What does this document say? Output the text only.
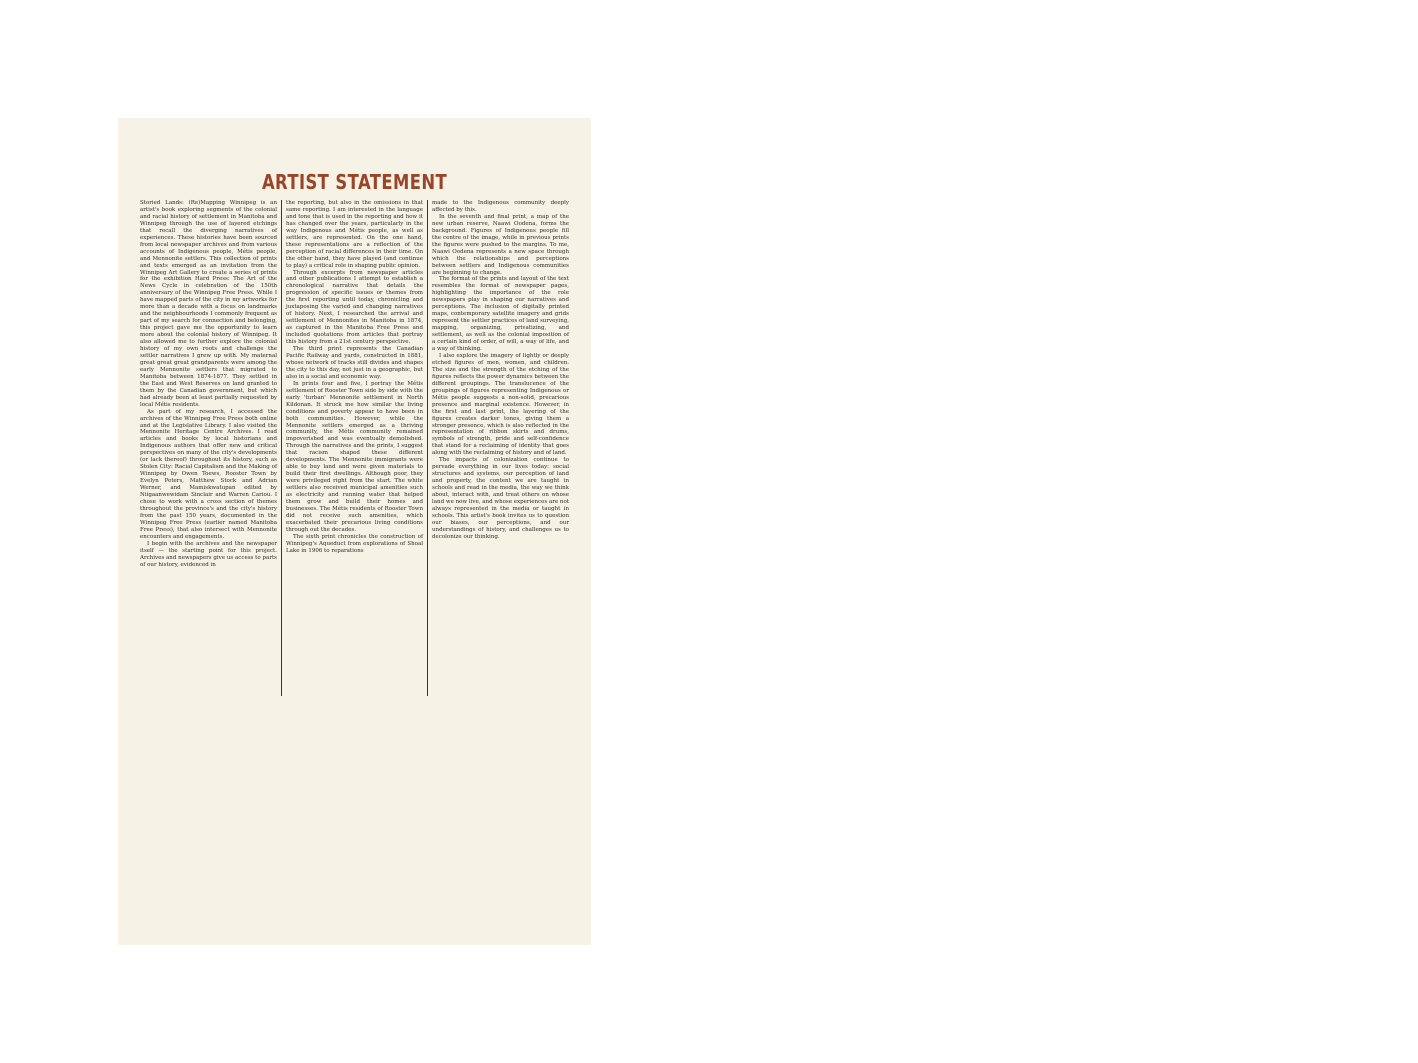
ARTIST STATEMENT

Storied Lands: (Re)Mapping Winnipeg is an artist's book exploring segments of the colonial and racial history of settlement in Manitoba and Winnipeg through the use of layered etchings that recall the diverging narratives of experiences. These histories have been sourced from local newspaper archives and from various accounts of Indigenous people, Métis people, and Mennonite settlers. This collection of prints and texts emerged as an invitation from the Winnipeg Art Gallery to create a series of prints for the exhibition Hard Press: The Art of the News Cycle in celebration of the 150th anniversary of the Winnipeg Free Press. While I have mapped parts of the city in my artworks for more than a decade with a focus on landmarks and the neighbourhoods I commonly frequent as part of my search for connection and belonging, this project gave me the opportunity to learn more about the colonial history of Winnipeg. It also allowed me to further explore the colonial history of my own roots and challenge the settler narratives I grew up with. My maternal great great great grandparents were among the early Mennonite settlers that migrated to Manitoba between 1874-1877. They settled in the East and West Reserves on land granted to them by the Canadian government, but which had already been at least partially requested by local Métis residents.

As part of my research, I accessed the archives of the Winnipeg Free Press both online and at the Legislative Library. I also visited the Mennonite Heritage Centre Archives. I read articles and books by local historians and Indigenous authors that offer new and critical perspectives on many of the city's developments (or lack thereof) throughout its history, such as Stolen City: Racial Capitalism and the Making of Winnipeg by Owen Toews, Rooster Town by Evelyn Peters, Matthew Stock and Adrian Werner, and Mamiskwatupan edited by Niigaanwewidam Sinclair and Warren Cariou. I chose to work with a cross section of themes throughout the province's and the city's history from the past 150 years, documented in the Winnipeg Free Press (earlier named Manitoba Free Press), that also intersect with Mennonite encounters and engagements.

I begin with the archives and the newspaper itself — the starting point for this project. Archives and newspapers give us access to parts of our history, evidenced in

the reporting, but also in the omissions in that same reporting. I am interested in the language and tone that is used in the reporting and how it has changed over the years, particularly in the way Indigenous and Métis people, as well as settlers, are represented. On the one hand, these representations are a reflection of the perception of racial differences in their time. On the other hand, they have played (and continue to play) a critical role in shaping public opinion.

Through excerpts from newspaper articles and other publications I attempt to establish a chronological narrative that details the progression of specific issues or themes from the first reporting until today, chronicling and juxtaposing the varied and changing narratives of history. Next, I researched the arrival and settlement of Mennonites in Manitoba in 1874, as captured in the Manitoba Free Press and included quotations from articles that portray this history from a 21st century perspective.

The third print represents the Canadian Pacific Railway and yards, constructed in 1881, whose network of tracks still divides and shapes the city to this day, not just in a geographic, but also in a social and economic way.

In prints four and five, I portray the Métis settlement of Rooster Town side by side with the early 'turban' Mennonite settlement in North Kildonan. It struck me how similar the living conditions and poverty appear to have been in both communities. However, while the Mennonite settlers emerged as a thriving community, the Métis community remained impoverished and was eventually demolished. Through the narratives and the prints, I suggest that racism shaped these different developments. The Mennonite immigrants were able to buy land and were given materials to build their first dwellings. Although poor, they were privileged right from the start. The white settlers also received municipal amenities such as electricity and running water that helped them grow and build their homes and businesses. The Métis residents of Rooster Town did not receive such amenities, which exacerbated their precarious living conditions through out the decades.

The sixth print chronicles the construction of Winnipeg's Aqueduct from explorations of Shoal Lake in 1906 to reparations

made to the Indigenous community deeply affected by this.

In the seventh and final print, a map of the new urban reserve, Naawi Oodena, forms the background. Figures of Indigenous people fill the centre of the image, while in previous prints the figures were pushed to the margins. To me, Naawi Oodena represents a new space through which the relationships and perceptions between settlers and Indigenous communities are beginning to change.

The format of the prints and layout of the text resembles the format of newspaper pages, highlighting the importance of the role newspapers play in shaping our narratives and perceptions. The inclusion of digitally printed maps, contemporary satellite imagery and grids represent the settler practices of land surveying, mapping, organizing, privatizing, and settlement, as well as the colonial imposition of a certain kind of order, of will, a way of life, and a way of thinking.

I also explore the imagery of lightly or deeply etched figures of men, women, and children. The size and the strength of the etching of the figures reflects the power dynamics between the different groupings. The translucence of the groupings of figures representing Indigenous or Métis people suggests a non-solid, precarious presence and marginal existence. However, in the first and last print, the layering of the figures creates darker tones, giving them a stronger presence, which is also reflected in the representation of ribbon skirts and drums, symbols of strength, pride and self-confidence that stand for a reclaiming of identity that goes along with the reclaiming of history and of land.

The impacts of colonization continue to pervade everything in our lives today: social structures and systems, our perception of land and property, the content we are taught in schools and read in the media, the way we think about, interact with, and treat others on whose land we now live, and whose experiences are not always represented in the media or taught in schools. This artist's book invites us to question our biases, our perceptions, and our understandings of history, and challenges us to decolonize our thinking.
